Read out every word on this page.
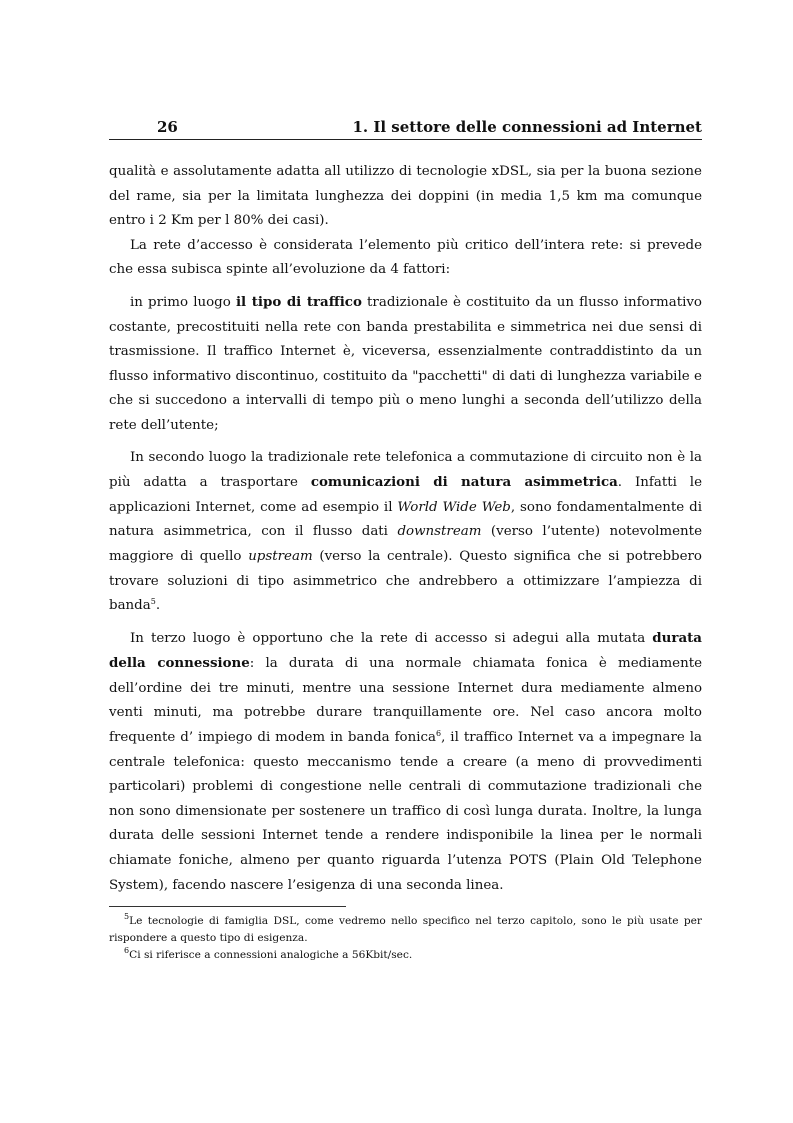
26	1. Il settore delle connessioni ad Internet

qualità e assolutamente adatta all utilizzo di tecnologie xDSL, sia per la buona sezione del rame, sia per la limitata lunghezza dei doppini (in media 1,5 km ma comunque entro i 2 Km per l 80% dei casi).

La rete d’accesso è considerata l’elemento più critico dell’intera rete: si prevede che essa subisca spinte all’evoluzione da 4 fattori:

in primo luogo il tipo di traffico tradizionale è costituito da un flusso informativo costante, precostituiti nella rete con banda prestabilita e simmetrica nei due sensi di trasmissione. Il traffico Internet è, viceversa, essenzialmente contraddistinto da un flusso informativo discontinuo, costituito da "pacchetti" di dati di lunghezza variabile e che si succedono a intervalli di tempo più o meno lunghi a seconda dell’utilizzo della rete dell’utente;

In secondo luogo la tradizionale rete telefonica a commutazione di circuito non è la più adatta a trasportare comunicazioni di natura asimmetrica. Infatti le applicazioni Internet, come ad esempio il World Wide Web, sono fondamentalmente di natura asimmetrica, con il flusso dati downstream (verso l’utente) notevolmente maggiore di quello upstream (verso la centrale). Questo significa che si potrebbero trovare soluzioni di tipo asimmetrico che andrebbero a ottimizzare l’ampiezza di banda$^5$.

In terzo luogo è opportuno che la rete di accesso si adegui alla mutata durata della connessione: la durata di una normale chiamata fonica è mediamente dell’ordine dei tre minuti, mentre una sessione Internet dura mediamente almeno venti minuti, ma potrebbe durare tranquillamente ore. Nel caso ancora molto frequente d’ impiego di modem in banda fonica$^6$, il traffico Internet va a impegnare la centrale telefonica: questo meccanismo tende a creare (a meno di provvedimenti particolari) problemi di congestione nelle centrali di commutazione tradizionali che non sono dimensionate per sostenere un traffico di così lunga durata. Inoltre, la lunga durata delle sessioni Internet tende a rendere indisponibile la linea per le normali chiamate foniche, almeno per quanto riguarda l’utenza POTS (Plain Old Telephone System), facendo nascere l’esigenza di una seconda linea.

$^5$Le tecnologie di famiglia DSL, come vedremo nello specifico nel terzo capitolo, sono le più usate per rispondere a questo tipo di esigenza.

$^6$Ci si riferisce a connessioni analogiche a 56Kbit/sec.
